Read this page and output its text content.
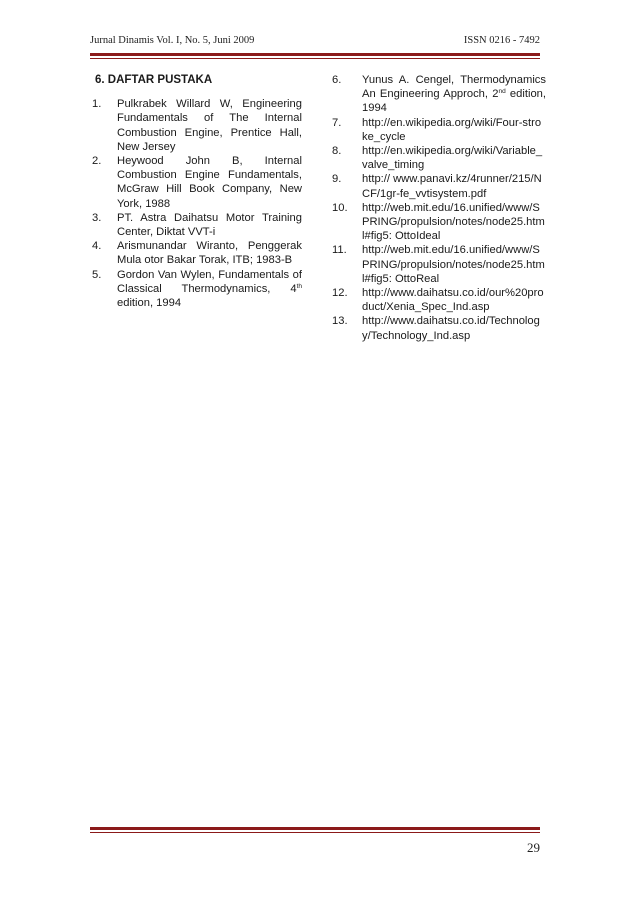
Jurnal Dinamis Vol. I, No. 5, Juni 2009	ISSN 0216 - 7492
6. DAFTAR PUSTAKA
1. Pulkrabek Willard W, Engineering Fundamentals of The Internal Combustion Engine, Prentice Hall, New Jersey
2. Heywood John B, Internal Combustion Engine Fundamentals, McGraw Hill Book Company, New York, 1988
3. PT. Astra Daihatsu Motor Training Center, Diktat VVT-i
4. Arismunandar Wiranto, Penggerak Mula otor Bakar Torak, ITB; 1983-B
5. Gordon Van Wylen, Fundamentals of Classical Thermodynamics, 4th edition, 1994
6. Yunus A. Cengel, Thermodynamics An Engineering Approch, 2nd edition, 1994
7. http://en.wikipedia.org/wiki/Four-stroke_cycle
8. http://en.wikipedia.org/wiki/Variable_valve_timing
9. http:// www.panavi.kz/4runner/215/NCF/1gr-fe_vvtisystem.pdf
10. http://web.mit.edu/16.unified/www/SPRING/propulsion/notes/node25.html#fig5: OttoIdeal
11. http://web.mit.edu/16.unified/www/SPRING/propulsion/notes/node25.html#fig5: OttoReal
12. http://www.daihatsu.co.id/our%20product/Xenia_Spec_Ind.asp
13. http://www.daihatsu.co.id/Technology/Technology_Ind.asp
29
